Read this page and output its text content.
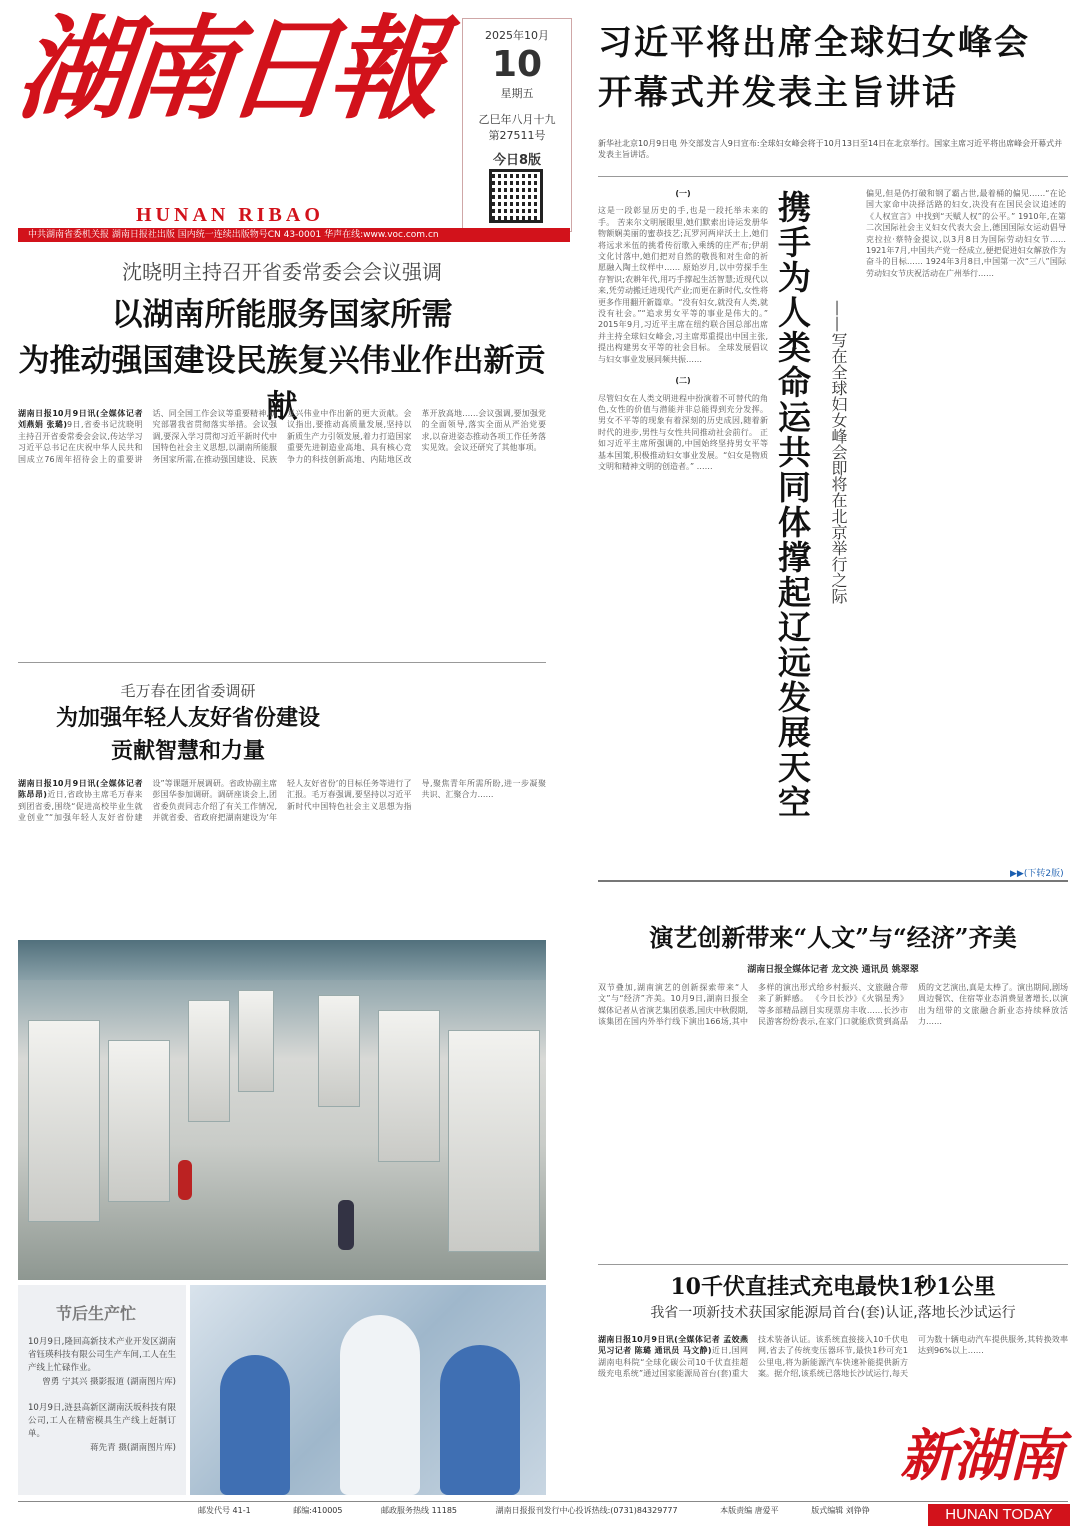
湖南日報
HUNAN RIBAO
2025年10月
10
星期五
乙巳年八月十九
第27511号
今日8版
中共湖南省委机关报 湖南日报社出版 国内统一连续出版物号CN 43-0001 华声在线:www.voc.com.cn
习近平将出席全球妇女峰会
开幕式并发表主旨讲话
新华社北京10月9日电 外交部发言人9日宣布:全球妇女峰会将于10月13日至14日在北京举行。国家主席习近平将出席峰会开幕式并发表主旨讲话。
(一)
这是一段彰显历史的手,也是一段托举未来的手。 苦来尔文明展眼里,她们默索出诗运发册华物额娴美丽的蜜恭技艺;瓦罗河两岸沃土上,她们将远求米伍的挑肴传衍歌入乘绣的庄严布;伊胡文化讨落中,她们把对自然的敬畏和对生命的祈愿融入陶土纹样中…… 原始岁月,以中劳探手生存智识;农耕年代,用巧手撑起生活智慧;近现代以来,凭劳动搬迁进现代产业;而更在新时代,女性将更多作用翻开新篇章。“没有妇女,就没有人类,就没有社会。”“追求男女平等的事业是伟大的。” 2015年9月,习近平主席在纽约联合国总部出席并主持全球妇女峰会,习主席郑重提出中国主张,提出构建男女平等的社会目标。 全球发展倡议与妇女事业发展同频共振……
(二)
尽管妇女在人类文明进程中扮演着不可替代的角色,女性的价值与潜能并非总能得到充分发挥。男女不平等的现象有着深刻的历史成因,随着新时代的进步,男性与女性共同推动社会前行。 正如习近平主席所强调的,中国始终坚持男女平等基本国策,积极推动妇女事业发展。“妇女是物质文明和精神文明的创造者。” ……	携手为人类命运共同体撑起辽远发展天空 ——写在全球妇女峰会即将在北京举行之际
偏见,但是仍打破和钢了霸占世,最着桶的偏见……“在论国大家命中决择活路的妇女,决没有在国民会议追述的《人权宣言》中找到“天赋人权”的公平。” 1910年,在第二次国际社会主义妇女代表大会上,德国国际女运动倡导克拉拉·蔡特金提议,以3月8日为国际劳动妇女节…… 1921年7月,中国共产党一经成立,便把促进妇女解放作为奋斗的目标…… 1924年3月8日,中国第一次“三八”国际劳动妇女节庆祝活动在广州举行……
▶▶(下转2版)
沈晓明主持召开省委常委会会议强调
以湖南所能服务国家所需
为推动强国建设民族复兴伟业作出新贡献
湖南日报10月9日讯(全媒体记者 刘燕娟 张璐)9日,省委书记沈晓明主持召开省委常委会会议,传达学习习近平总书记在庆祝中华人民共和国成立76周年招待会上的重要讲话、同全国工作会议等重要精神,研究部署我省贯彻落实举措。会议强调,要深入学习贯彻习近平新时代中国特色社会主义思想,以湖南所能服务国家所需,在推动强国建设、民族复兴伟业中作出新的更大贡献。会议指出,要推动高质量发展,坚持以新质生产力引领发展,着力打造国家重要先进制造业高地、具有核心竞争力的科技创新高地、内陆地区改革开放高地……会议强调,要加强党的全面领导,落实全面从严治党要求,以奋进姿态推动各项工作任务落实见效。会议还研究了其他事项。
毛万春在团省委调研
为加强年轻人友好省份建设
贡献智慧和力量
湖南日报10月9日讯(全媒体记者 陈昂昂)近日,省政协主席毛万春来到团省委,围绕“促进高校毕业生就业创业”“加强年轻人友好省份建设”等课题开展调研。省政协副主席彭国华参加调研。调研座谈会上,团省委负责同志介绍了有关工作情况,并就省委、省政府把湖南建设为‘年轻人友好省份’的目标任务等进行了汇报。毛万春强调,要坚持以习近平新时代中国特色社会主义思想为指导,聚焦青年所需所盼,进一步凝聚共识、汇聚合力……
节后生产忙
10月9日,隆回高新技术产业开发区湖南省钰瑛科技有限公司生产车间,工人在生产线上忙碌作业。
曾勇 宁其兴 摄影报道 (湖南图片库)
10月9日,涟县高新区湖南沃坂科技有限公司,工人在精密模具生产线上赶制订单。
蒋先青 摄(湖南图片库)
演艺创新带来“人文”与“经济”齐美
湖南日报全媒体记者 龙文泱 通讯员 姚翠翠
双节叠加,湖南演艺的创新探索带来“人文”与“经济”齐美。10月9日,湖南日报全媒体记者从省演艺集团获悉,国庆中秋假期,该集团在国内外举行线下演出166场,其中多样的演出形式给乡村振兴、文旅融合带来了新鲜感。 《今日长沙》《火锅星秀》等多部精品剧目实现票房丰收……长沙市民游客纷纷表示,在家门口就能欣赏到高品质的文艺演出,真是太棒了。演出期间,剧场周边餐饮、住宿等业态消费显著增长,以演出为纽带的文旅融合新业态持续释放活力……
10千伏直挂式充电最快1秒1公里
我省一项新技术获国家能源局首台(套)认证,落地长沙试运行
湖南日报10月9日讯(全媒体记者 孟姣燕 见习记者 陈璐 通讯员 马文静)近日,国网湖南电科院“全球化碳公司10千伏直挂超级充电系统”通过国家能源局首台(套)重大技术装备认证。该系统直接接入10千伏电网,省去了传统变压器环节,最快1秒可充1公里电,将为新能源汽车快速补能提供新方案。据介绍,该系统已落地长沙试运行,每天可为数十辆电动汽车提供服务,其转换效率达到96%以上……
新湖南
HUNAN TODAY
邮发代号 41-1	邮编:410005	邮政服务热线 11185	湖南日报报刊发行中心投诉热线:(0731)84329777	本版责编 唐爱平	版式编辑 刘铮铮
